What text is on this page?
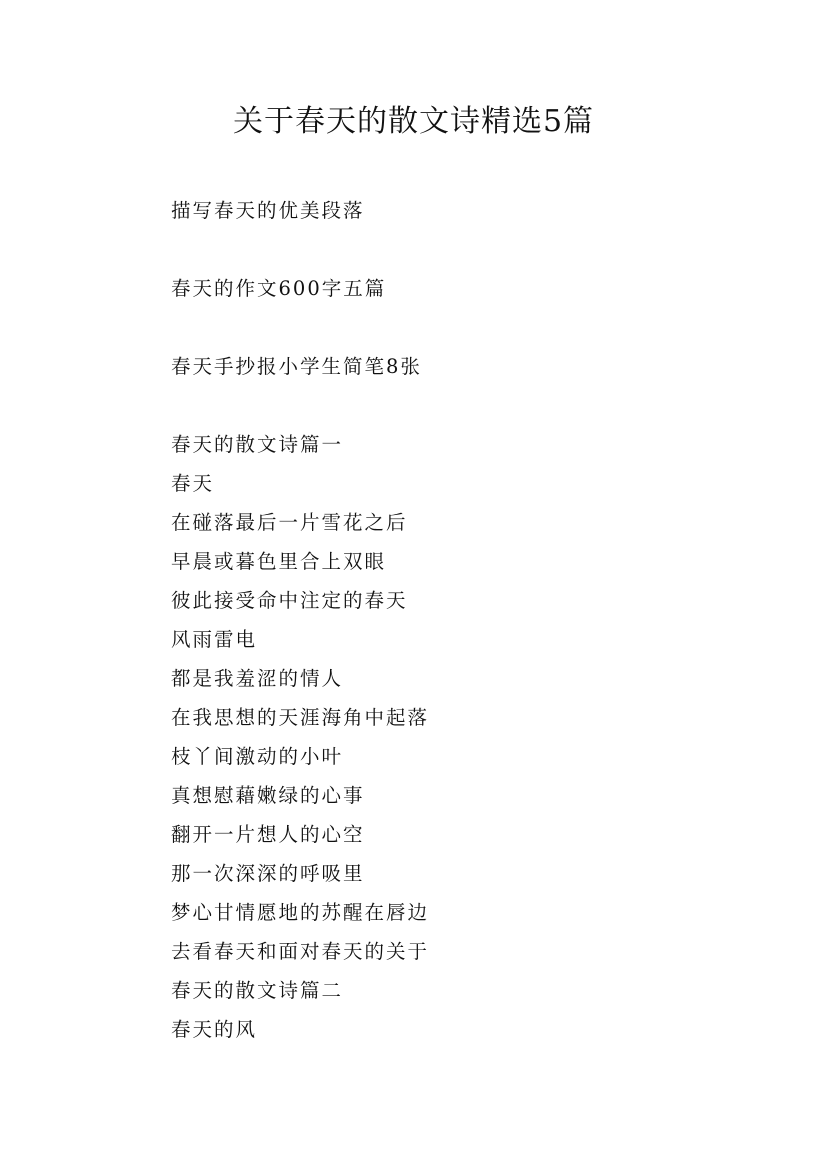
关于春天的散文诗精选5篇
描写春天的优美段落
春天的作文600字五篇
春天手抄报小学生简笔8张
春天的散文诗篇一
春天
在碰落最后一片雪花之后
早晨或暮色里合上双眼
彼此接受命中注定的春天
风雨雷电
都是我羞涩的情人
在我思想的天涯海角中起落
枝丫间激动的小叶
真想慰藉嫩绿的心事
翻开一片想人的心空
那一次深深的呼吸里
梦心甘情愿地的苏醒在唇边
去看春天和面对春天的关于
春天的散文诗篇二
春天的风
